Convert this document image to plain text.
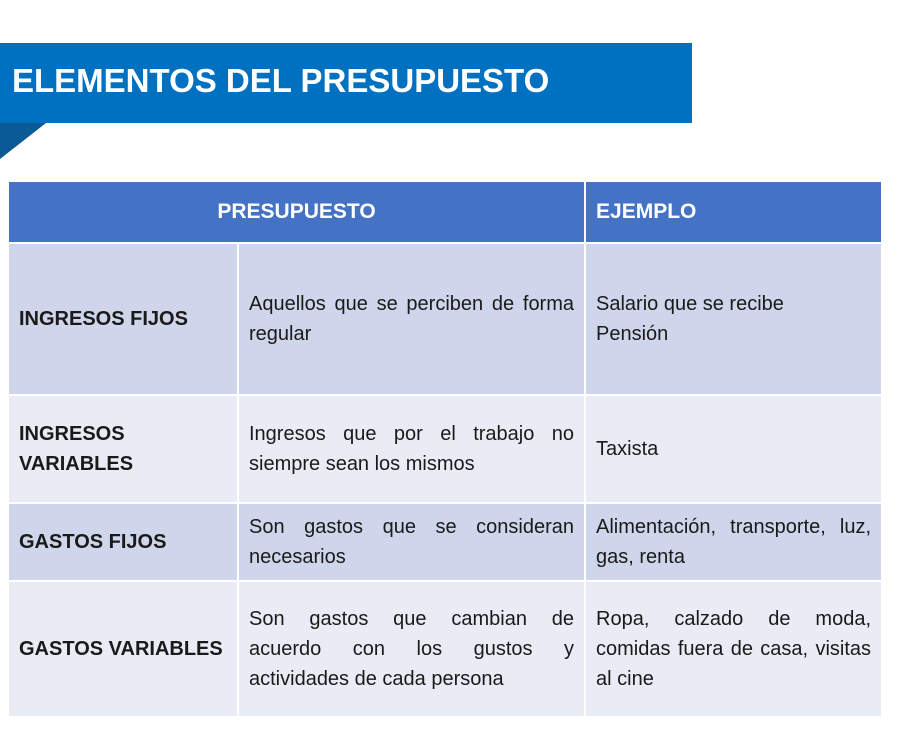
ELEMENTOS DEL PRESUPUESTO
PRESUPUESTO		EJEMPLO
INGRESOS FIJOS	Aquellos que se perciben de forma regular	Salario que se recibe
Pensión

INGRESOS VARIABLES	Ingresos que por el trabajo no siempre sean los mismos	Taxista

GASTOS FIJOS	Son gastos que se consideran necesarios	Alimentación, transporte, luz, gas, renta

GASTOS VARIABLES	Son gastos que cambian de acuerdo con los gustos y actividades de cada persona	Ropa, calzado de moda, comidas fuera de casa, visitas al cine
